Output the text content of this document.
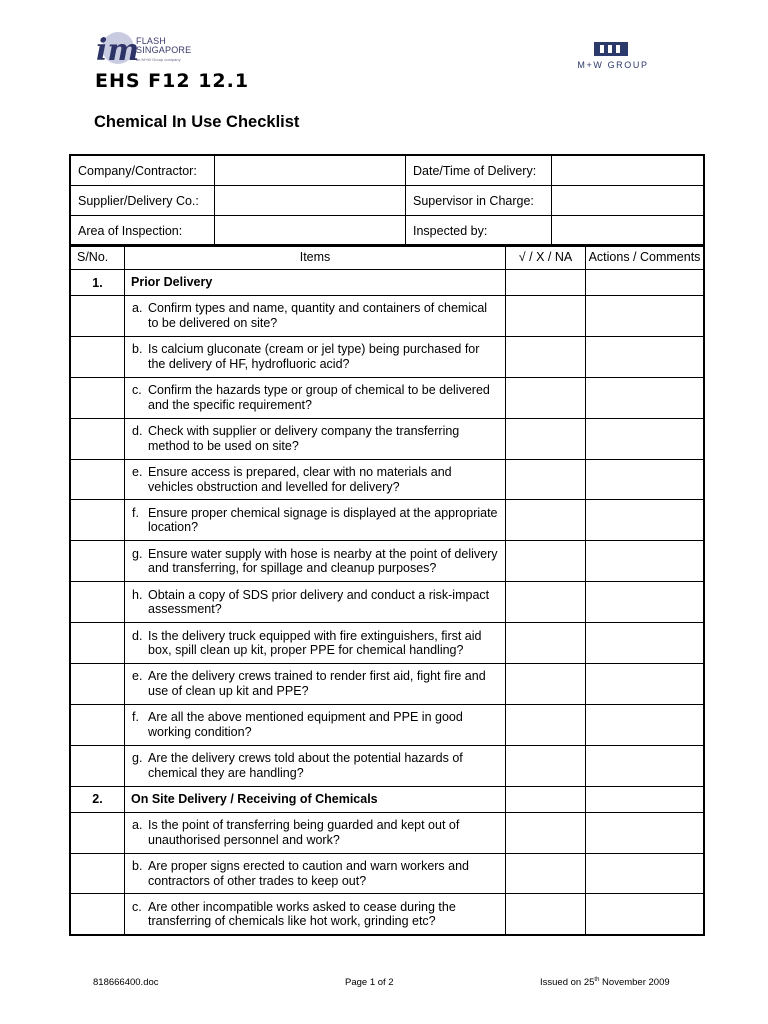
im
FLASH SINGAPORE
an M+W Group company
M+W GROUP
EHS F12 12.1
Chemical In Use Checklist
Company/Contractor:		Date/Time of Delivery:	
Supplier/Delivery Co.:		Supervisor in Charge:	
Area of Inspection:		Inspected by:	
S/No.	Items	√ / X / NA	Actions / Comments
1.	Prior Delivery		

	a. Confirm types and name, quantity and containers of chemical to be delivered on site?		

	b. Is calcium gluconate (cream or jel type) being purchased for the delivery of HF, hydrofluoric acid?		

	c. Confirm the hazards type or group of chemical to be delivered and the specific requirement?		

	d. Check with supplier or delivery company the transferring method to be used on site?		

	e. Ensure access is prepared, clear with no materials and vehicles obstruction and levelled for delivery?		

	f. Ensure proper chemical signage is displayed at the appropriate location?		

	g. Ensure water supply with hose is nearby at the point of delivery and transferring, for spillage and cleanup purposes?		

	h. Obtain a copy of SDS prior delivery and conduct a risk-impact assessment?		

	d. Is the delivery truck equipped with fire extinguishers, first aid box, spill clean up kit, proper PPE for chemical handling?		

	e. Are the delivery crews trained to render first aid, fight fire and use of clean up kit and PPE?		

	f. Are all the above mentioned equipment and PPE in good working condition?		

	g. Are the delivery crews told about the potential hazards of chemical they are handling?		

2.	On Site Delivery / Receiving of Chemicals		

	a. Is the point of transferring being guarded and kept out of unauthorised personnel and work?		

	b. Are proper signs erected to caution and warn workers and contractors of other trades to keep out?		

	c. Are other incompatible works asked to cease during the transferring of chemicals like hot work, grinding etc?		

818666400.doc	Page 1 of 2	Issued on 25th November 2009
